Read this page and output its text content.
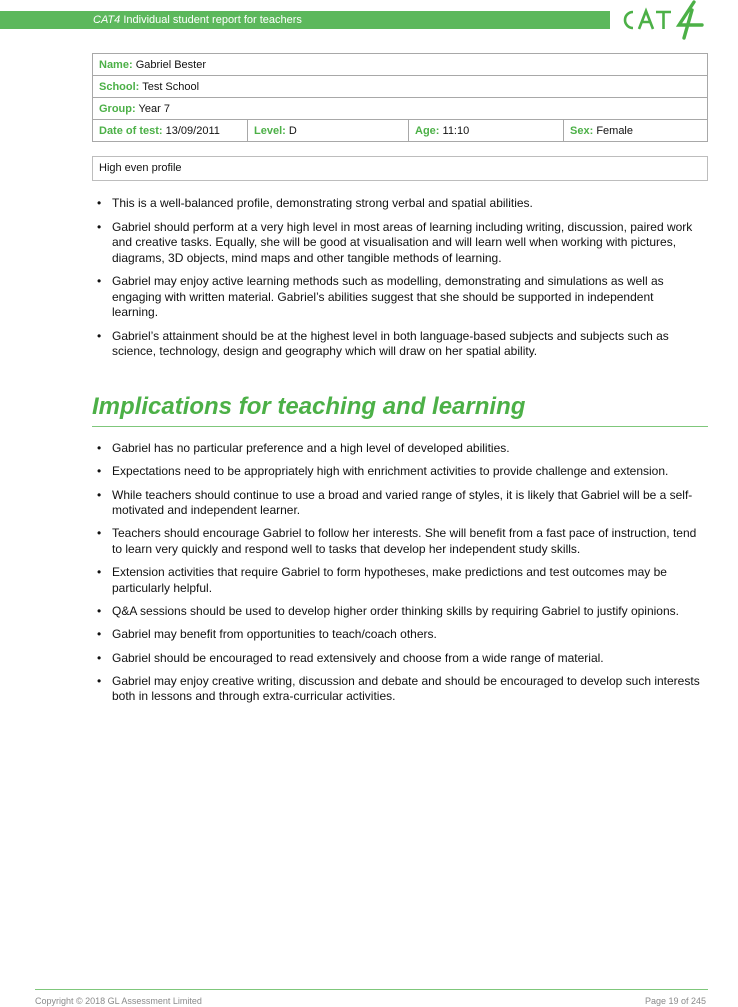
CAT4 Individual student report for teachers
Name: Gabriel Bester
School: Test School
Group: Year 7
Date of test: 13/09/2011	Level: D	Age: 11:10	Sex: Female
High even profile
• This is a well-balanced profile, demonstrating strong verbal and spatial abilities.
• Gabriel should perform at a very high level in most areas of learning including writing, discussion, paired work and creative tasks. Equally, she will be good at visualisation and will learn well when working with pictures, diagrams, 3D objects, mind maps and other tangible methods of learning.
• Gabriel may enjoy active learning methods such as modelling, demonstrating and simulations as well as engaging with written material. Gabriel’s abilities suggest that she should be supported in independent learning.
• Gabriel’s attainment should be at the highest level in both language-based subjects and subjects such as science, technology, design and geography which will draw on her spatial ability.
Implications for teaching and learning
• Gabriel has no particular preference and a high level of developed abilities.
• Expectations need to be appropriately high with enrichment activities to provide challenge and extension.
• While teachers should continue to use a broad and varied range of styles, it is likely that Gabriel will be a self-motivated and independent learner.
• Teachers should encourage Gabriel to follow her interests. She will benefit from a fast pace of instruction, tend to learn very quickly and respond well to tasks that develop her independent study skills.
• Extension activities that require Gabriel to form hypotheses, make predictions and test outcomes may be particularly helpful.
• Q&A sessions should be used to develop higher order thinking skills by requiring Gabriel to justify opinions.
• Gabriel may benefit from opportunities to teach/coach others.
• Gabriel should be encouraged to read extensively and choose from a wide range of material.
• Gabriel may enjoy creative writing, discussion and debate and should be encouraged to develop such interests both in lessons and through extra-curricular activities.
Copyright © 2018 GL Assessment Limited	Page 19 of 245
